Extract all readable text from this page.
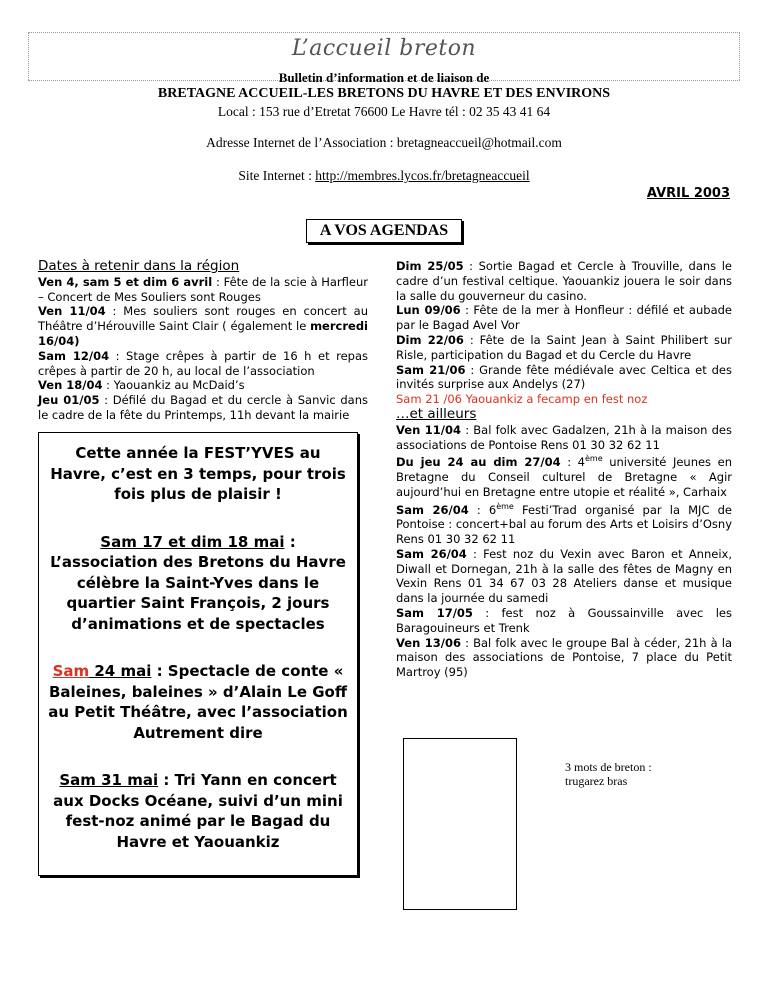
L’accueil breton
Bulletin d’information et de liaison de
BRETAGNE ACCUEIL-LES BRETONS DU HAVRE ET DES ENVIRONS
Local : 153 rue d’Etretat 76600 Le Havre tél : 02 35 43 41 64
Adresse Internet de l’Association : bretagneaccueil@hotmail.com
Site Internet : http://membres.lycos.fr/bretagneaccueil
AVRIL 2003
A VOS AGENDAS
Dates à retenir dans la région

Ven 4, sam 5 et dim 6 avril : Fête de la scie à Harfleur – Concert de Mes Souliers sont Rouges

Ven 11/04 : Mes souliers sont rouges en concert au Théâtre d’Hérouville Saint Clair ( également le mercredi 16/04)

Sam 12/04 : Stage crêpes à partir de 16 h et repas crêpes à partir de 20 h, au local de l’association

Ven 18/04 : Yaouankiz au McDaid’s

Jeu 01/05 : Défilé du Bagad et du cercle à Sanvic dans le cadre de la fête du Printemps, 11h devant la mairie

Cette année la FEST’YVES au Havre, c’est en 3 temps, pour trois fois plus de plaisir !

Sam 17 et dim 18 mai : L’association des Bretons du Havre célèbre la Saint-Yves dans le quartier Saint François, 2 jours d’animations et de spectacles

Sam 24 mai : Spectacle de conte « Baleines, baleines » d’Alain Le Goff au Petit Théâtre, avec l’association Autrement dire

Sam 31 mai : Tri Yann en concert aux Docks Océane, suivi d’un mini fest-noz animé par le Bagad du Havre et Yaouankiz

Dim 25/05 : Sortie Bagad et Cercle à Trouville, dans le cadre d’un festival celtique. Yaouankiz jouera le soir dans la salle du gouverneur du casino.

Lun 09/06 : Fête de la mer à Honfleur : défilé et aubade par le Bagad Avel Vor

Dim 22/06 : Fête de la Saint Jean à Saint Philibert sur Risle, participation du Bagad et du Cercle du Havre

Sam 21/06 : Grande fête médiévale avec Celtica et des invités surprise aux Andelys (27)

Sam 21 /06 Yaouankiz a fecamp en fest noz

…et ailleurs

Ven 11/04 : Bal folk avec Gadalzen, 21h à la maison des associations de Pontoise Rens 01 30 32 62 11

Du jeu 24 au dim 27/04 : 4ème université Jeunes en Bretagne du Conseil culturel de Bretagne « Agir aujourd’hui en Bretagne entre utopie et réalité », Carhaix

Sam 26/04 : 6ème Festi’Trad organisé par la MJC de Pontoise : concert+bal au forum des Arts et Loisirs d’Osny Rens 01 30 32 62 11

Sam 26/04 : Fest noz du Vexin avec Baron et Anneix, Diwall et Dornegan, 21h à la salle des fêtes de Magny en Vexin Rens 01 34 67 03 28 Ateliers danse et musique dans la journée du samedi

Sam 17/05 : fest noz à Goussainville avec les Baragouineurs et Trenk

Ven 13/06 : Bal folk avec le groupe Bal à céder, 21h à la maison des associations de Pontoise, 7 place du Petit Martroy (95)

3 mots de breton :
trugarez bras
